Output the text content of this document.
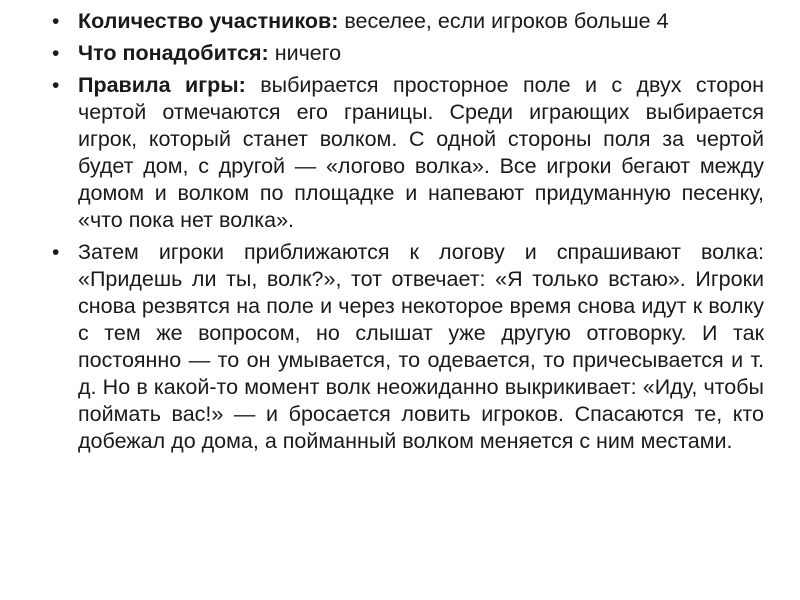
• Количество участников: веселее, если игроков больше 4
• Что понадобится: ничего
• Правила игры: выбирается просторное поле и с двух сторон чертой отмечаются его границы. Среди играющих выбирается игрок, который станет волком. С одной стороны поля за чертой будет дом, с другой — «логово волка». Все игроки бегают между домом и волком по площадке и напевают придуманную песенку, «что пока нет волка».
• Затем игроки приближаются к логову и спрашивают волка: «Придешь ли ты, волк?», тот отвечает: «Я только встаю». Игроки снова резвятся на поле и через некоторое время снова идут к волку с тем же вопросом, но слышат уже другую отговорку. И так постоянно — то он умывается, то одевается, то причесывается и т. д. Но в какой-то момент волк неожиданно выкрикивает: «Иду, чтобы поймать вас!» — и бросается ловить игроков. Спасаются те, кто добежал до дома, а пойманный волком меняется с ним местами.
